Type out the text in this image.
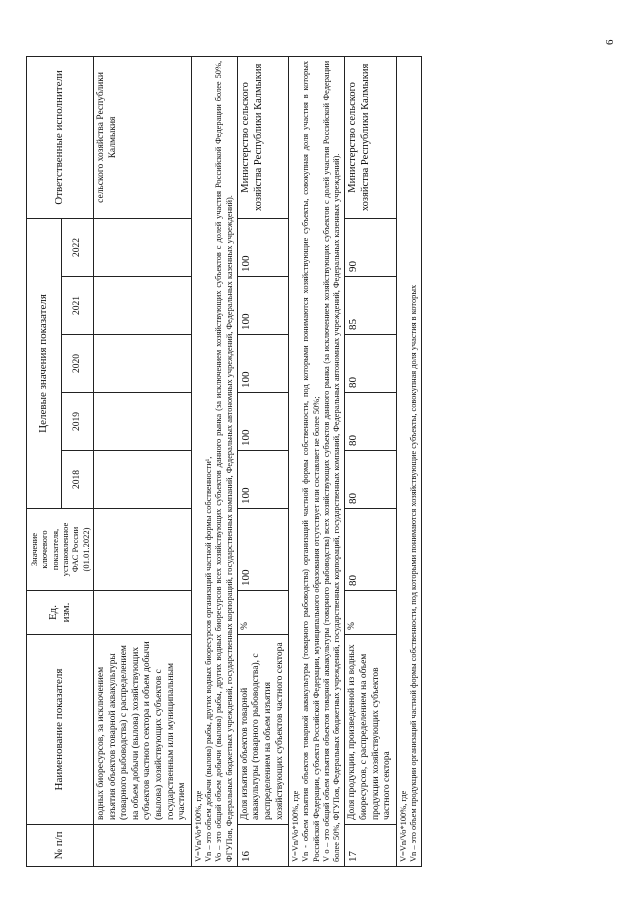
№ п/п	Наименование показателя	Ед. изм.	Значение ключевого показателя, установленное ФАС России (01.01.2022)	Целевые значения показателя					Ответственные исполнители
				2018	2019	2020	2021	2022	
	водных биоресурсов, за исключением изъятия объектов товарной аквакультуры (товарного рыбоводства) с распределением на объем добычи (вылова) хозяйствующих субъектов частного сектора и объем добычи (вылова) хозяйствующих субъектов с государственным или муниципальным участием								сельского хозяйства Республики Калмыкия

V=Vn/Vo*100%, где Vn – это объем добычи (вылова) рыбы, других водных биоресурсов организаций частной формы собственности¹, Vo – это общий объем добычи (вылова) рыбы, других водных биоресурсов всех хозяйствующих субъектов данного рынка (за исключением хозяйствующих субъектов с долей участия Российской Федерации более 50%, ФГУПов, Федеральных бюджетных учреждений, государственных корпораций, государственных компаний, Федеральных автономных учреждений, Федеральных казенных учреждений).									

16	Доля изъятия объектов товарной аквакультуры (товарного рыбоводства), с распределением на объем изъятия хозяйствующих субъектов частного сектора	%	100	100	100	100	100	100	Министерство сельского хозяйства Республики Калмыкия

V=Vn/Vo*100%, где Vn - объем изъятия объектов товарной аквакультуры (товарного рыбоводства) организаций частной формы собственности, под которыми понимаются хозяйствующие субъекты, совокупная доля участия в которых Российской Федерации, субъекта Российской Федерации, муниципального образования отсутствует или составляет не более 50%; V o – это общий объем изъятия объектов товарной аквакультуры (товарного рыбоводства) всех хозяйствующих субъектов данного рынка (за исключением хозяйствующих субъектов с долей участия Российской Федерации более 50%, ФГУПов, Федеральных бюджетных учреждений, государственных корпораций, государственных компаний, Федеральных автономных учреждений, Федеральных казенных учреждений).									

17	Доля продукции, произведенной из водных биоресурсов, с распределением на объем продукции хозяйствующих субъектов частного сектора	%	80	80	80	80	85	90	Министерство сельского хозяйства Республики Калмыкия

V=Vn/Vo*100%, где Vn – это объем продукции организаций частной формы собственности, под которыми понимаются хозяйствующие субъекты, совокупная доля участия в которых									

6
